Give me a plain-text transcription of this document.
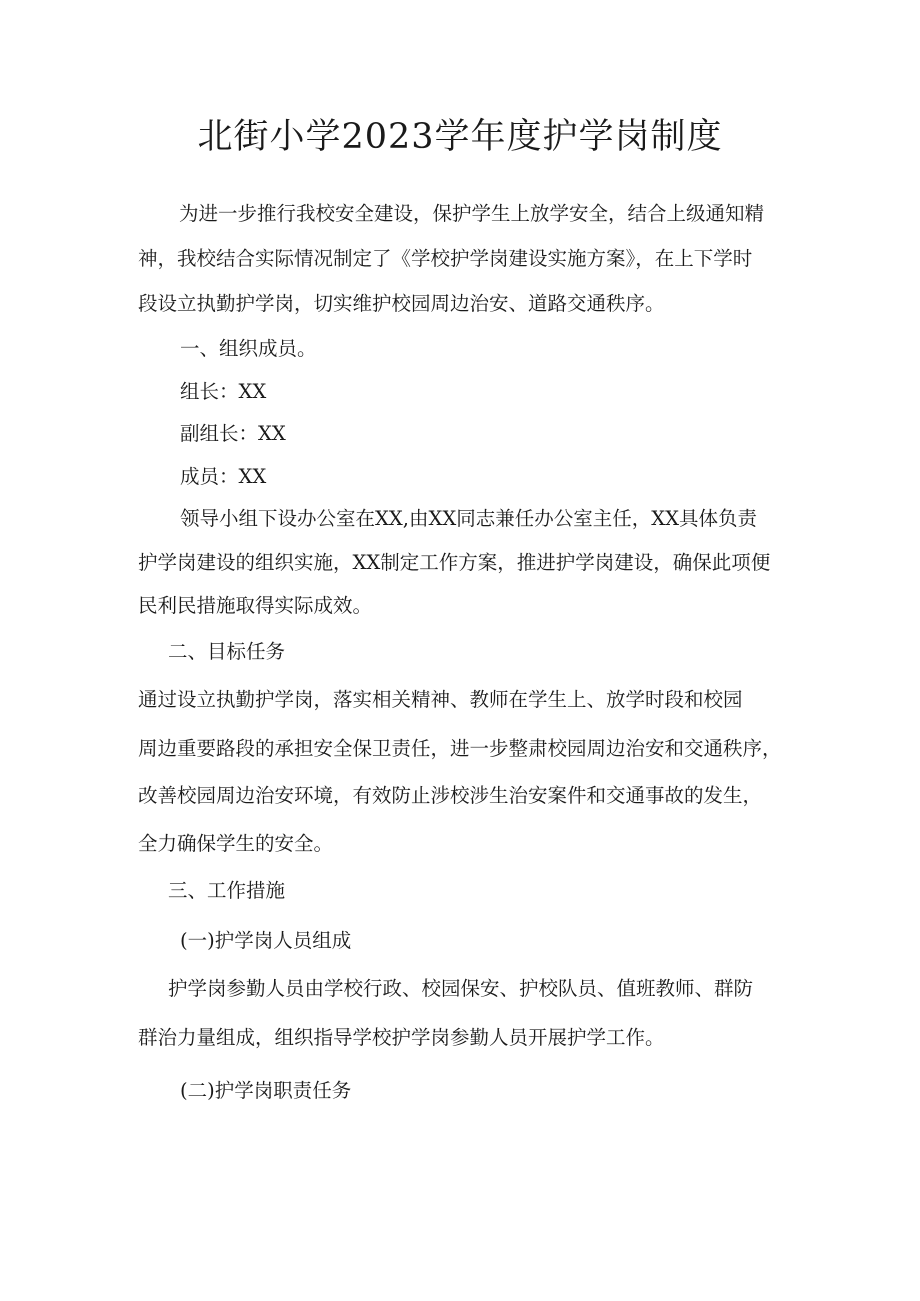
北街小学2023学年度护学岗制度

为进一步推行我校安全建设，保护学生上放学安全，结合上级通知精

神，我校结合实际情况制定了《学校护学岗建设实施方案》，在上下学时

段设立执勤护学岗，切实维护校园周边治安、道路交通秩序。

一、组织成员。

组长：XX

副组长：XX

成员：XX

领导小组下设办公室在XX,由XX同志兼任办公室主任，XX具体负责

护学岗建设的组织实施，XX制定工作方案，推进护学岗建设，确保此项便

民利民措施取得实际成效。

二、目标任务

通过设立执勤护学岗，落实相关精神、教师在学生上、放学时段和校园

周边重要路段的承担安全保卫责任，进一步整肃校园周边治安和交通秩序，

改善校园周边治安环境，有效防止涉校涉生治安案件和交通事故的发生，

全力确保学生的安全。

三、工作措施

(一)护学岗人员组成

护学岗参勤人员由学校行政、校园保安、护校队员、值班教师、群防

群治力量组成，组织指导学校护学岗参勤人员开展护学工作。

(二)护学岗职责任务
